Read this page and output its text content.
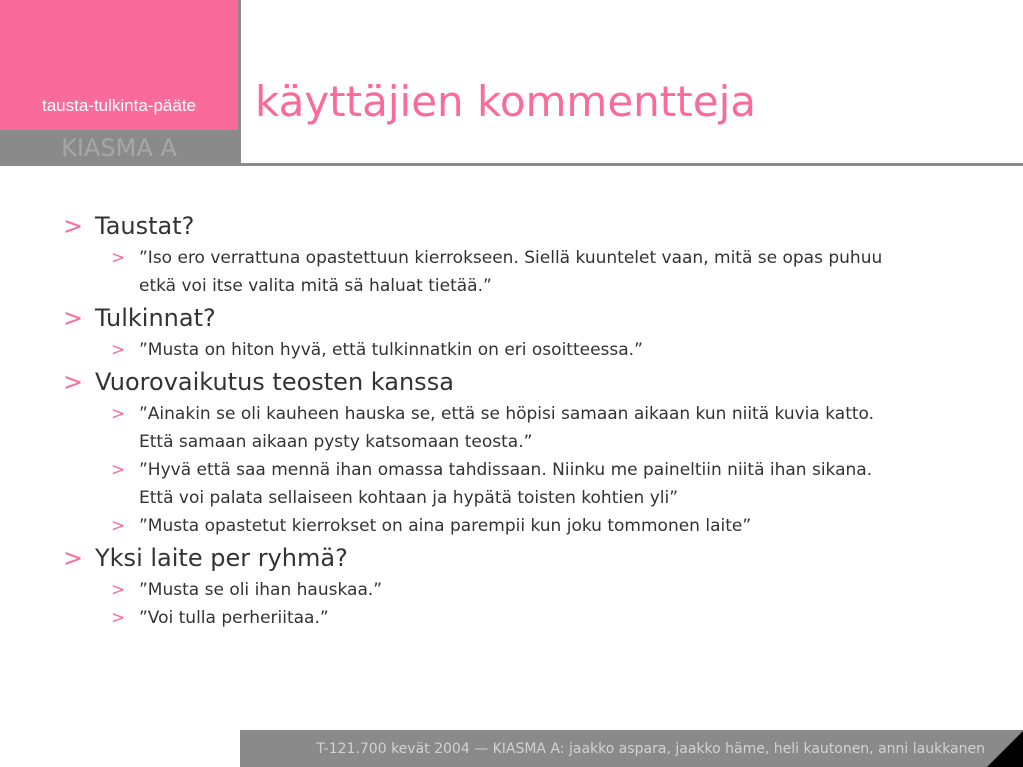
tausta-tulkinta-pääte
KIASMA A
käyttäjien kommentteja
> Taustat?
> ”Iso ero verrattuna opastettuun kierrokseen. Siellä kuuntelet vaan, mitä se opas puhuu
etkä voi itse valita mitä sä haluat tietää.”
> Tulkinnat?
> ”Musta on hiton hyvä, että tulkinnatkin on eri osoitteessa.”
> Vuorovaikutus teosten kanssa
> ”Ainakin se oli kauheen hauska se, että se höpisi samaan aikaan kun niitä kuvia katto.
Että samaan aikaan pysty katsomaan teosta.”
> ”Hyvä että saa mennä ihan omassa tahdissaan. Niinku me paineltiin niitä ihan sikana.
Että voi palata sellaiseen kohtaan ja hypätä toisten kohtien yli”
> ”Musta opastetut kierrokset on aina parempii kun joku tommonen laite”
> Yksi laite per ryhmä?
> ”Musta se oli ihan hauskaa.”
> ”Voi tulla perheriitaa.”
T-121.700 kevät 2004 — KIASMA A: jaakko aspara, jaakko häme, heli kautonen, anni laukkanen
